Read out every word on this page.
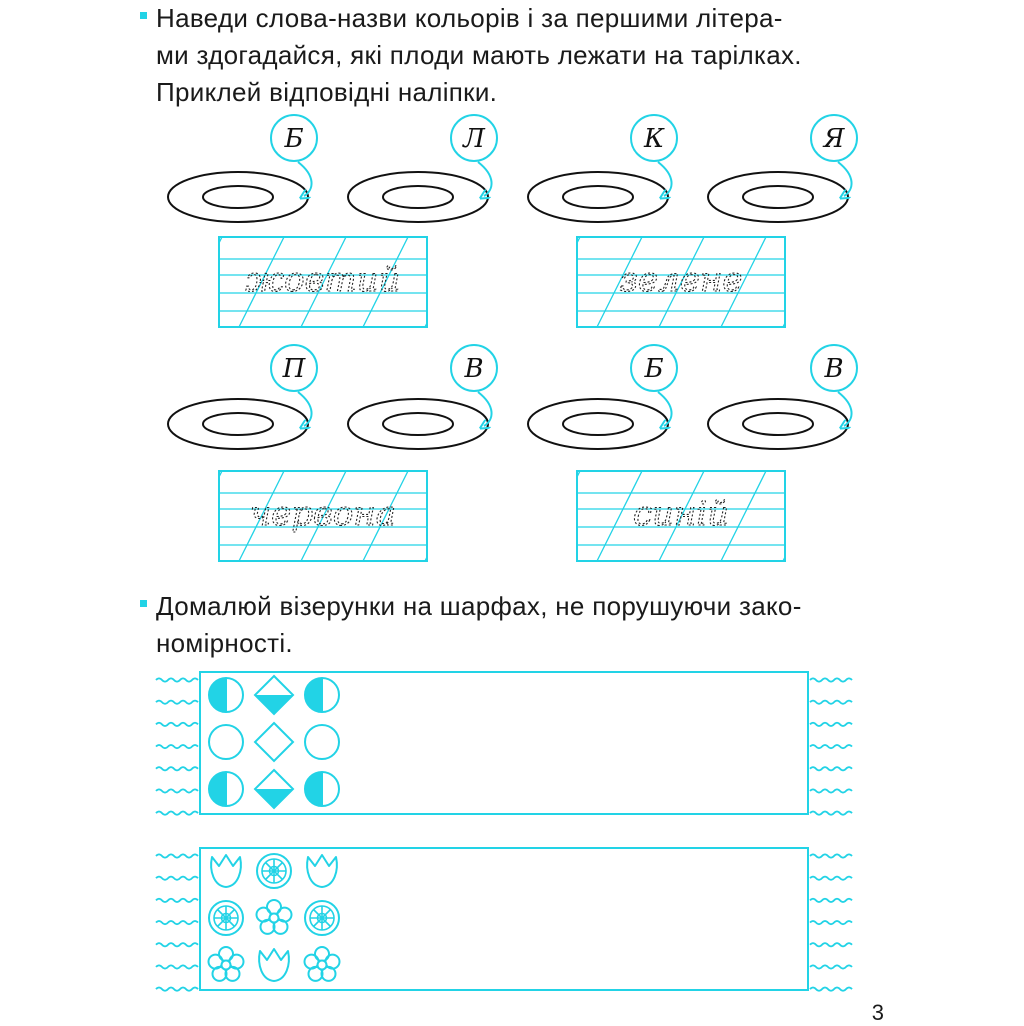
Наведи слова-назви кольорів і за першими літера-
ми здогадайся, які плоди мають лежати на тарілках.
Приклей відповідні наліпки.
Б	Л	К	Я
П	В	Б	В
жовтий	зелене
червона	синій
Домалюй візерунки на шарфах, не порушуючи зако-
номірності.
3
